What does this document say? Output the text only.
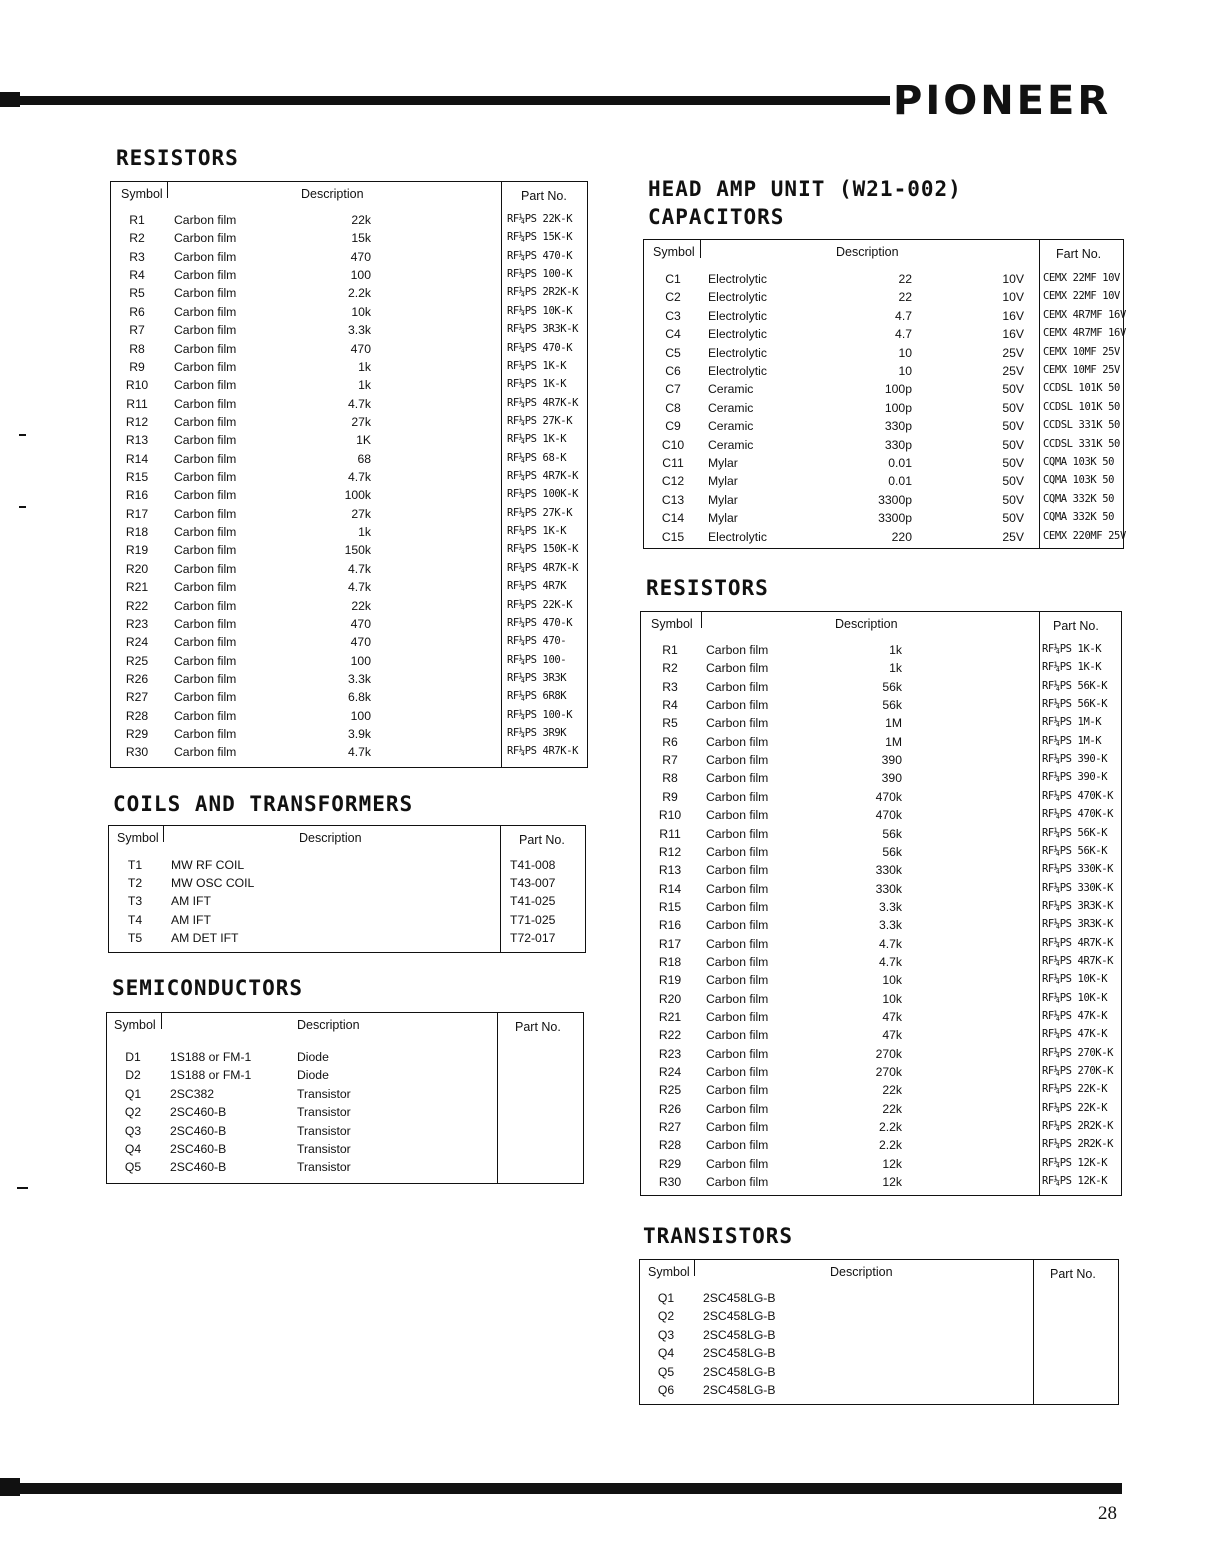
PIONEER
28
RESISTORS
Symbol	Description	Part No.
R1	Carbon film	22k	RF¼PS 22K-K
R2	Carbon film	15k	RF¼PS 15K-K
R3	Carbon film	470	RF¼PS 470-K
R4	Carbon film	100	RF¼PS 100-K
R5	Carbon film	2.2k	RF¼PS 2R2K-K
R6	Carbon film	10k	RF¼PS 10K-K
R7	Carbon film	3.3k	RF¼PS 3R3K-K
R8	Carbon film	470	RF¼PS 470-K
R9	Carbon film	1k	RF¼PS 1K-K
R10	Carbon film	1k	RF¼PS 1K-K
R11	Carbon film	4.7k	RF¼PS 4R7K-K
R12	Carbon film	27k	RF¼PS 27K-K
R13	Carbon film	1K	RF¼PS 1K-K
R14	Carbon film	68	RF¼PS 68-K
R15	Carbon film	4.7k	RF¼PS 4R7K-K
R16	Carbon film	100k	RF¼PS 100K-K
R17	Carbon film	27k	RF¼PS 27K-K
R18	Carbon film	1k	RF¼PS 1K-K
R19	Carbon film	150k	RF¼PS 150K-K
R20	Carbon film	4.7k	RF¼PS 4R7K-K
R21	Carbon film	4.7k	RF¼PS 4R7K
R22	Carbon film	22k	RF¼PS 22K-K
R23	Carbon film	470	RF¼PS 470-K
R24	Carbon film	470	RF¼PS 470-
R25	Carbon film	100	RF¼PS 100-
R26	Carbon film	3.3k	RF¼PS 3R3K
R27	Carbon film	6.8k	RF¼PS 6R8K
R28	Carbon film	100	RF¼PS 100-K
R29	Carbon film	3.9k	RF¼PS 3R9K
R30	Carbon film	4.7k	RF¼PS 4R7K-K
COILS AND TRANSFORMERS
Symbol	Description	Part No.
T1	MW RF COIL	T41-008
T2	MW OSC COIL	T43-007
T3	AM IFT	T41-025
T4	AM IFT	T71-025
T5	AM DET IFT	T72-017
SEMICONDUCTORS
Symbol	Description	Part No.
D1	1S188 or FM-1	Diode
D2	1S188 or FM-1	Diode
Q1	2SC382	Transistor
Q2	2SC460-B	Transistor
Q3	2SC460-B	Transistor
Q4	2SC460-B	Transistor
Q5	2SC460-B	Transistor
HEAD AMP UNIT (W21-002)
CAPACITORS
Symbol	Description	Fart No.
C1	Electrolytic	22	10V CEMX 22MF 10V
C2	Electrolytic	22	10V CEMX 22MF 10V
C3	Electrolytic	4.7	16V CEMX 4R7MF 16V
C4	Electrolytic	4.7	16V CEMX 4R7MF 16V
C5	Electrolytic	10	25V CEMX 10MF 25V
C6	Electrolytic	10	25V CEMX 10MF 25V
C7	Ceramic	100p	50V CCDSL 101K 50
C8	Ceramic	100p	50V CCDSL 101K 50
C9	Ceramic	330p	50V CCDSL 331K 50
C10	Ceramic	330p	50V CCDSL 331K 50
C11	Mylar	0.01	50V CQMA 103K 50
C12	Mylar	0.01	50V CQMA 103K 50
C13	Mylar	3300p	50V CQMA 332K 50
C14	Mylar	3300p	50V CQMA 332K 50
C15	Electrolytic	220	25V CEMX 220MF 25V
RESISTORS
Symbol	Description	Part No.
R1	Carbon film	1k	RF¼PS 1K-K
R2	Carbon film	1k	RF¼PS 1K-K
R3	Carbon film	56k	RF¼PS 56K-K
R4	Carbon film	56k	RF¼PS 56K-K
R5	Carbon film	1M	RF¼PS 1M-K
R6	Carbon film	1M	RF¼PS 1M-K
R7	Carbon film	390	RF¼PS 390-K
R8	Carbon film	390	RF¼PS 390-K
R9	Carbon film	470k	RF¼PS 470K-K
R10	Carbon film	470k	RF¼PS 470K-K
R11	Carbon film	56k	RF¼PS 56K-K
R12	Carbon film	56k	RF¼PS 56K-K
R13	Carbon film	330k	RF¼PS 330K-K
R14	Carbon film	330k	RF¼PS 330K-K
R15	Carbon film	3.3k	RF¼PS 3R3K-K
R16	Carbon film	3.3k	RF¼PS 3R3K-K
R17	Carbon film	4.7k	RF¼PS 4R7K-K
R18	Carbon film	4.7k	RF¼PS 4R7K-K
R19	Carbon film	10k	RF¼PS 10K-K
R20	Carbon film	10k	RF¼PS 10K-K
R21	Carbon film	47k	RF¼PS 47K-K
R22	Carbon film	47k	RF¼PS 47K-K
R23	Carbon film	270k	RF¼PS 270K-K
R24	Carbon film	270k	RF¼PS 270K-K
R25	Carbon film	22k	RF¼PS 22K-K
R26	Carbon film	22k	RF¼PS 22K-K
R27	Carbon film	2.2k	RF¼PS 2R2K-K
R28	Carbon film	2.2k	RF¼PS 2R2K-K
R29	Carbon film	12k	RF¼PS 12K-K
R30	Carbon film	12k	RF¼PS 12K-K
TRANSISTORS
Symbol	Description	Part No.
Q1	2SC458LG-B
Q2	2SC458LG-B
Q3	2SC458LG-B
Q4	2SC458LG-B
Q5	2SC458LG-B
Q6	2SC458LG-B
